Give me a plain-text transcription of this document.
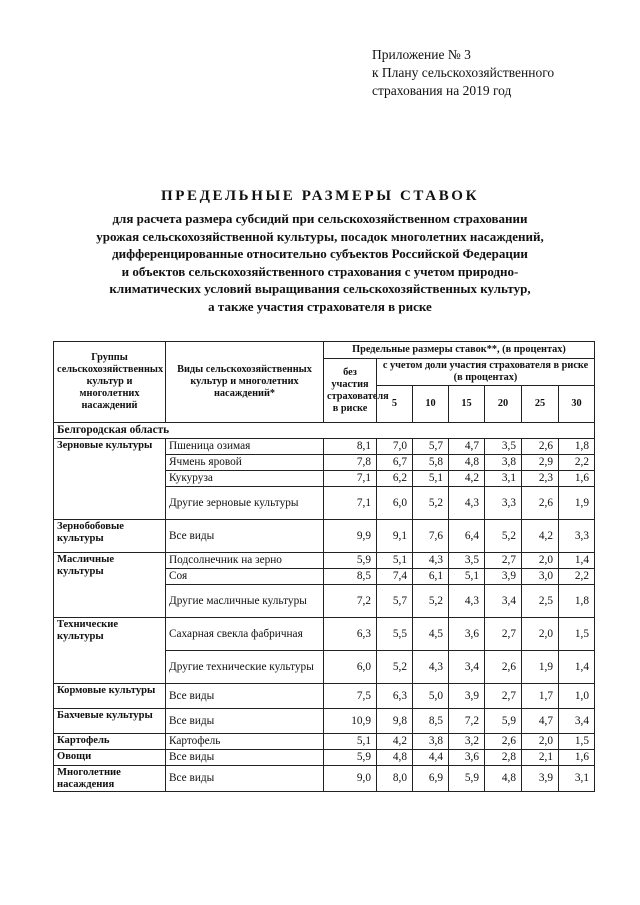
Приложение № 3
к Плану сельскохозяйственного
страхования на 2019 год
ПРЕДЕЛЬНЫЕ РАЗМЕРЫ СТАВОК
для расчета размера субсидий при сельскохозяйственном страховании
урожая сельскохозяйственной культуры, посадок многолетних насаждений,
дифференцированные относительно субъектов Российской Федерации
и объектов сельскохозяйственного страхования с учетом природно-
климатических условий выращивания сельскохозяйственных культур,
а также участия страхователя в риске
Группы сельскохозяйственных культур и многолетних насаждений	Виды сельскохозяйственных культур и многолетних насаждений*	Предельные размеры ставок**, (в процентах)						
		без участия страхователя в риске	с учетом доли участия страхователя в риске (в процентах)					
			5	10	15	20	25	30
Белгородская область								
Зерновые культуры	Пшеница озимая	8,1	7,0	5,7	4,7	3,5	2,6	1,8
	Ячмень яровой	7,8	6,7	5,8	4,8	3,8	2,9	2,2
	Кукуруза	7,1	6,2	5,1	4,2	3,1	2,3	1,6
	Другие зерновые культуры	7,1	6,0	5,2	4,3	3,3	2,6	1,9
Зернобобовые культуры	Все виды	9,9	9,1	7,6	6,4	5,2	4,2	3,3
Масличные культуры	Подсолнечник на зерно	5,9	5,1	4,3	3,5	2,7	2,0	1,4
	Соя	8,5	7,4	6,1	5,1	3,9	3,0	2,2
	Другие масличные культуры	7,2	5,7	5,2	4,3	3,4	2,5	1,8
Технические культуры	Сахарная свекла фабричная	6,3	5,5	4,5	3,6	2,7	2,0	1,5
	Другие технические культуры	6,0	5,2	4,3	3,4	2,6	1,9	1,4
Кормовые культуры	Все виды	7,5	6,3	5,0	3,9	2,7	1,7	1,0
Бахчевые культуры	Все виды	10,9	9,8	8,5	7,2	5,9	4,7	3,4
Картофель	Картофель	5,1	4,2	3,8	3,2	2,6	2,0	1,5
Овощи	Все виды	5,9	4,8	4,4	3,6	2,8	2,1	1,6
Многолетние насаждения	Все виды	9,0	8,0	6,9	5,9	4,8	3,9	3,1
